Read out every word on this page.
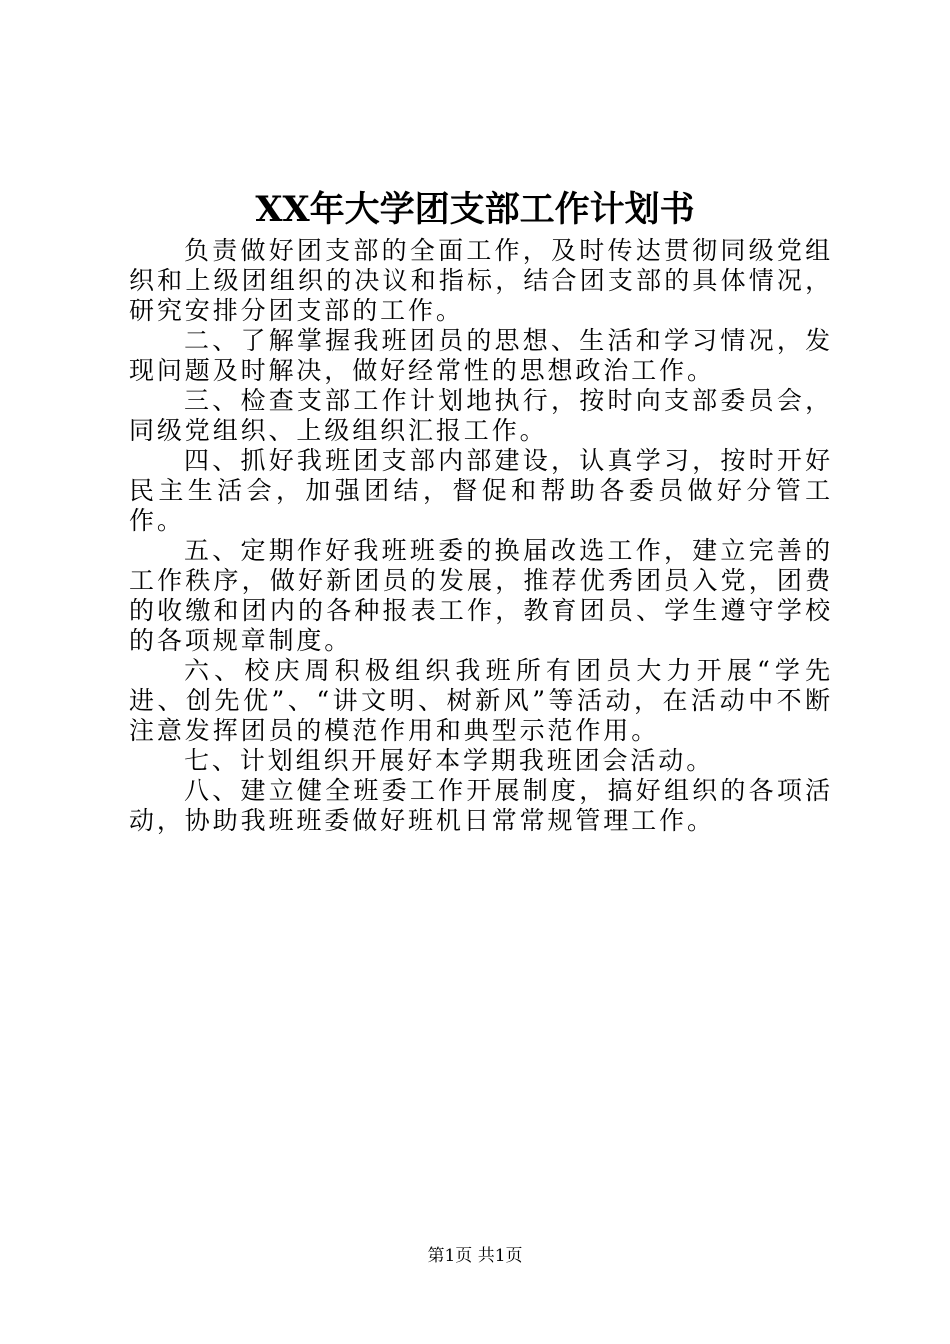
XX年大学团支部工作计划书

负责做好团支部的全面工作，及时传达贯彻同级党组织和上级团组织的决议和指标，结合团支部的具体情况，研究安排分团支部的工作。

二、了解掌握我班团员的思想、生活和学习情况，发现问题及时解决，做好经常性的思想政治工作。

三、检查支部工作计划地执行，按时向支部委员会，同级党组织、上级组织汇报工作。

四、抓好我班团支部内部建设，认真学习，按时开好民主生活会，加强团结，督促和帮助各委员做好分管工作。

五、定期作好我班班委的换届改选工作，建立完善的工作秩序，做好新团员的发展，推荐优秀团员入党，团费的收缴和团内的各种报表工作，教育团员、学生遵守学校的各项规章制度。

六、校庆周积极组织我班所有团员大力开展“学先进、创先优”、“讲文明、树新风”等活动，在活动中不断注意发挥团员的模范作用和典型示范作用。

七、计划组织开展好本学期我班团会活动。

八、建立健全班委工作开展制度，搞好组织的各项活动，协助我班班委做好班机日常常规管理工作。

第1页 共1页
